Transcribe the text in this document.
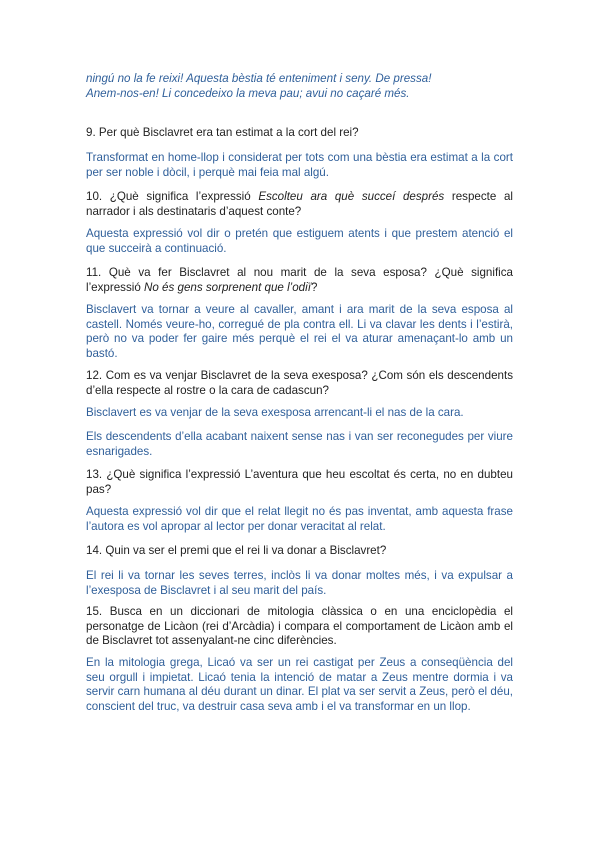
ningú no la fe reixi! Aquesta bèstia té enteniment i seny. De pressa!
Anem-nos-en! Li concedeixo la meva pau; avui no caçaré més.

9. Per què Bisclavret era tan estimat a la cort del rei?

Transformat en home-llop i considerat per tots com una bèstia era estimat a la cort per ser noble i dòcil, i perquè mai feia mal algú.

10. ¿Què significa l’expressió Escolteu ara què succeí després respecte al narrador i als destinataris d’aquest conte?

Aquesta expressió vol dir o pretén que estiguem atents i que prestem atenció el que succeirà a continuació.

11. Què va fer Bisclavret al nou marit de la seva esposa? ¿Què significa l’expressió No és gens sorprenent que l’odiï?

Bisclavert va tornar a veure al cavaller, amant i ara marit de la seva esposa al castell. Només veure-ho, corregué de pla contra ell. Li va clavar les dents i l’estirà, però no va poder fer gaire més perquè el rei el va aturar amenaçant-lo amb un bastó.

12. Com es va venjar Bisclavret de la seva exesposa? ¿Com són els descendents d’ella respecte al rostre o la cara de cadascun?

Bisclavert es va venjar de la seva exesposa arrencant-li el nas de la cara.

Els descendents d’ella acabant naixent sense nas i van ser reconegudes per viure esnarigades.

13. ¿Què significa l’expressió L’aventura que heu escoltat és certa, no en dubteu pas?

Aquesta expressió vol dir que el relat llegit no és pas inventat, amb aquesta frase l’autora es vol apropar al lector per donar veracitat al relat.

14. Quin va ser el premi que el rei li va donar a Bisclavret?

El rei li va tornar les seves terres, inclòs li va donar moltes més, i va expulsar a l’exesposa de Bisclavret i al seu marit del país.

15. Busca en un diccionari de mitologia clàssica o en una enciclopèdia el personatge de Licàon (rei d’Arcàdia) i compara el comportament de Licàon amb el de Bisclavret tot assenyalant-ne cinc diferències.

En la mitologia grega, Licaó va ser un rei castigat per Zeus a conseqüència del seu orgull i impietat. Licaó tenia la intenció de matar a Zeus mentre dormia i va servir carn humana al déu durant un dinar. El plat va ser servit a Zeus, però el déu, conscient del truc, va destruir casa seva amb i el va transformar en un llop.
